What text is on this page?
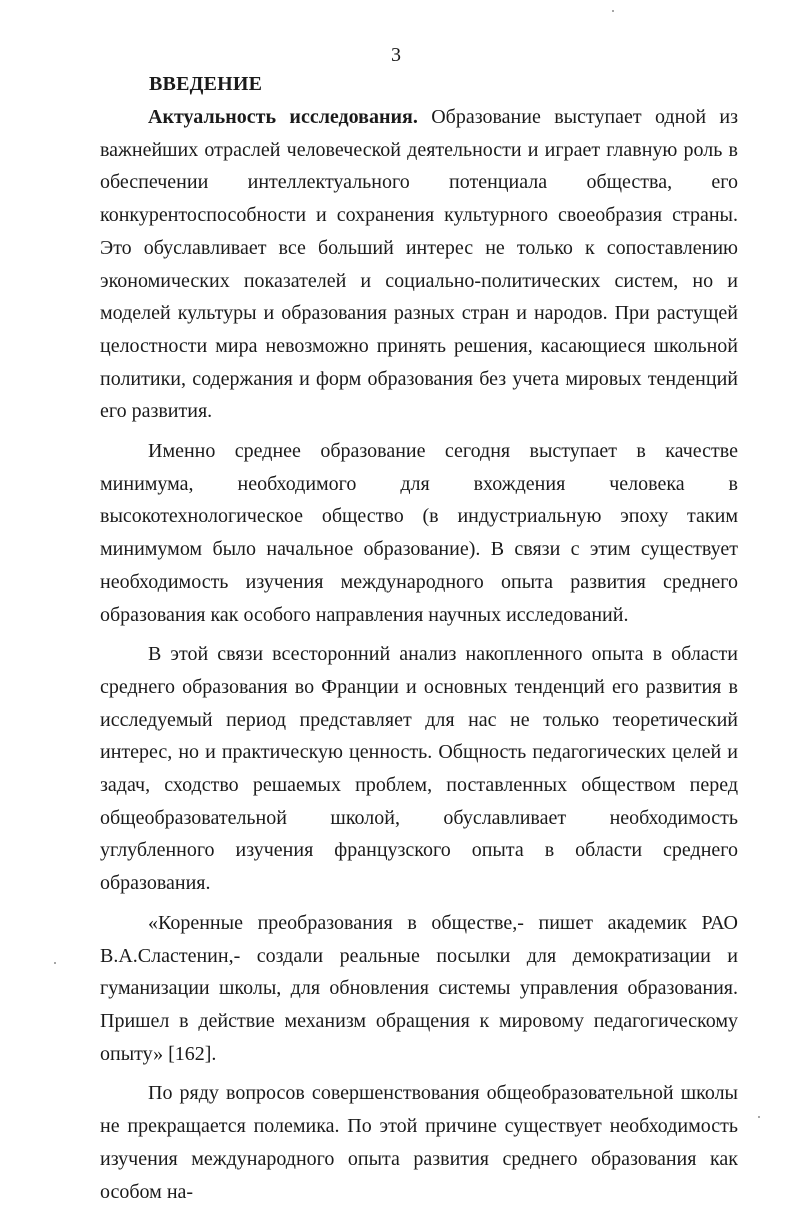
3
ВВЕДЕНИЕ

Актуальность исследования. Образование выступает одной из важнейших отраслей человеческой деятельности и играет главную роль в обеспечении интеллектуального потенциала общества, его конкурентоспособности и сохранения культурного своеобразия страны. Это обуславливает все больший интерес не только к сопоставлению экономических показателей и социально-политических систем, но и моделей культуры и образования разных стран и народов. При растущей целостности мира невозможно принять решения, касающиеся школьной политики, содержания и форм образования без учета мировых тенденций его развития.

Именно среднее образование сегодня выступает в качестве минимума, необходимого для вхождения человека в высокотехнологическое общество (в индустриальную эпоху таким минимумом было начальное образование). В связи с этим существует необходимость изучения международного опыта развития среднего образования как особого направления научных исследований.

В этой связи всесторонний анализ накопленного опыта в области среднего образования во Франции и основных тенденций его развития в исследуемый период представляет для нас не только теоретический интерес, но и практическую ценность. Общность педагогических целей и задач, сходство решаемых проблем, поставленных обществом перед общеобразовательной школой, обуславливает необходимость углубленного изучения французского опыта в области среднего образования.

«Коренные преобразования в обществе,- пишет академик РАО В.А.Сластенин,- создали реальные посылки для демократизации и гуманизации школы, для обновления системы управления образования. Пришел в действие механизм обращения к мировому педагогическому опыту» [162].

По ряду вопросов совершенствования общеобразовательной школы не прекращается полемика. По этой причине существует необходимость изучения международного опыта развития среднего образования как особом на-
